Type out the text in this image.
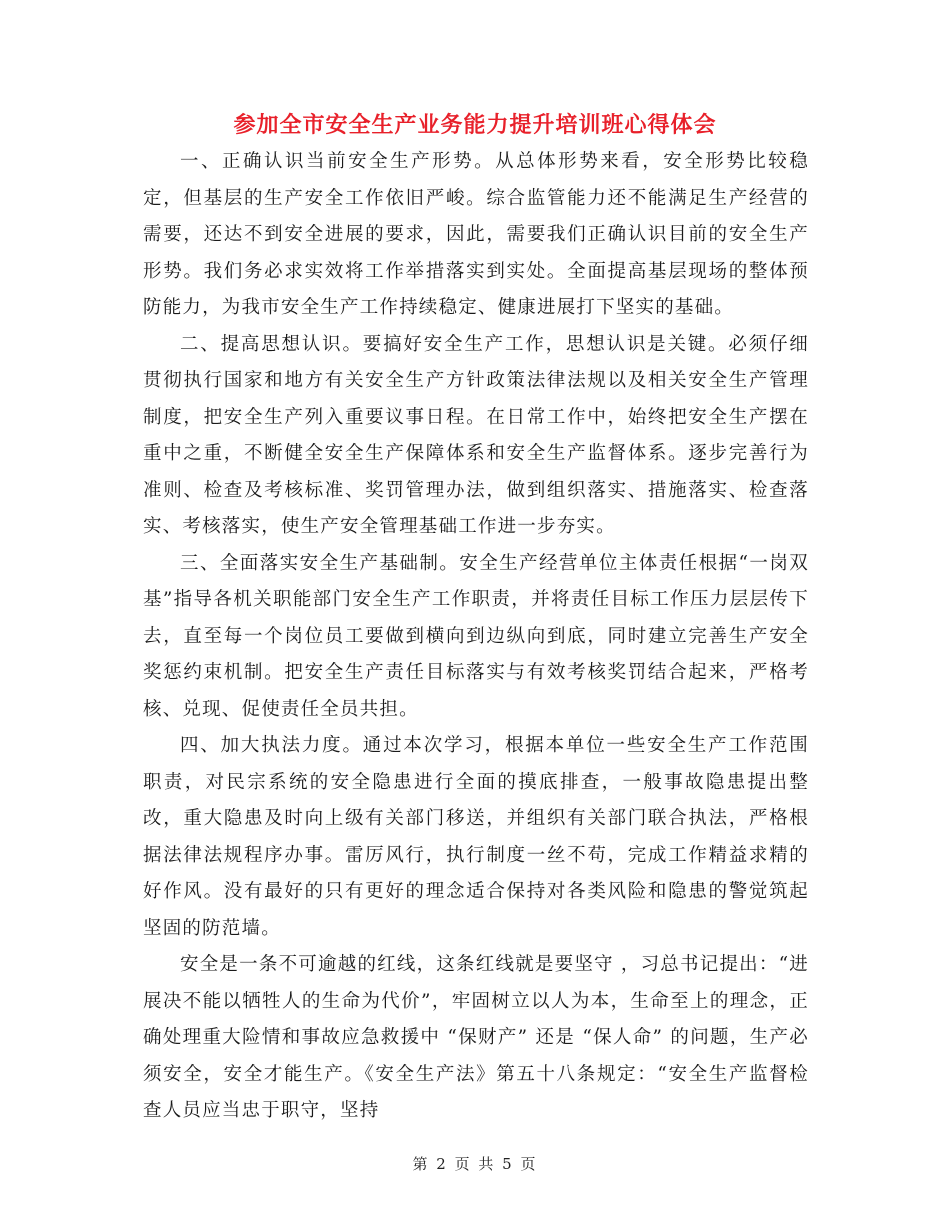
参加全市安全生产业务能力提升培训班心得体会

一、正确认识当前安全生产形势。从总体形势来看，安全形势比较稳定，但基层的生产安全工作依旧严峻。综合监管能力还不能满足生产经营的需要，还达不到安全进展的要求，因此，需要我们正确认识目前的安全生产形势。我们务必求实效将工作举措落实到实处。全面提高基层现场的整体预防能力，为我市安全生产工作持续稳定、健康进展打下坚实的基础。

二、提高思想认识。要搞好安全生产工作，思想认识是关键。必须仔细贯彻执行国家和地方有关安全生产方针政策法律法规以及相关安全生产管理制度，把安全生产列入重要议事日程。在日常工作中，始终把安全生产摆在重中之重，不断健全安全生产保障体系和安全生产监督体系。逐步完善行为准则、检查及考核标准、奖罚管理办法，做到组织落实、措施落实、检查落实、考核落实，使生产安全管理基础工作进一步夯实。

三、全面落实安全生产基础制。安全生产经营单位主体责任根据“一岗双基”指导各机关职能部门安全生产工作职责，并将责任目标工作压力层层传下去，直至每一个岗位员工要做到横向到边纵向到底，同时建立完善生产安全奖惩约束机制。把安全生产责任目标落实与有效考核奖罚结合起来，严格考核、兑现、促使责任全员共担。

四、加大执法力度。通过本次学习，根据本单位一些安全生产工作范围职责，对民宗系统的安全隐患进行全面的摸底排查，一般事故隐患提出整改，重大隐患及时向上级有关部门移送，并组织有关部门联合执法，严格根据法律法规程序办事。雷厉风行，执行制度一丝不苟，完成工作精益求精的好作风。没有最好的只有更好的理念适合保持对各类风险和隐患的警觉筑起坚固的防范墙。

安全是一条不可逾越的红线，这条红线就是要坚守 ，习总书记提出：“进展决不能以牺牲人的生命为代价”，牢固树立以人为本，生命至上的理念，正确处理重大险情和事故应急救援中 “保财产” 还是 “保人命” 的问题，生产必须安全，安全才能生产。《安全生产法》第五十八条规定：“安全生产监督检查人员应当忠于职守，坚持

第 2 页 共 5 页
